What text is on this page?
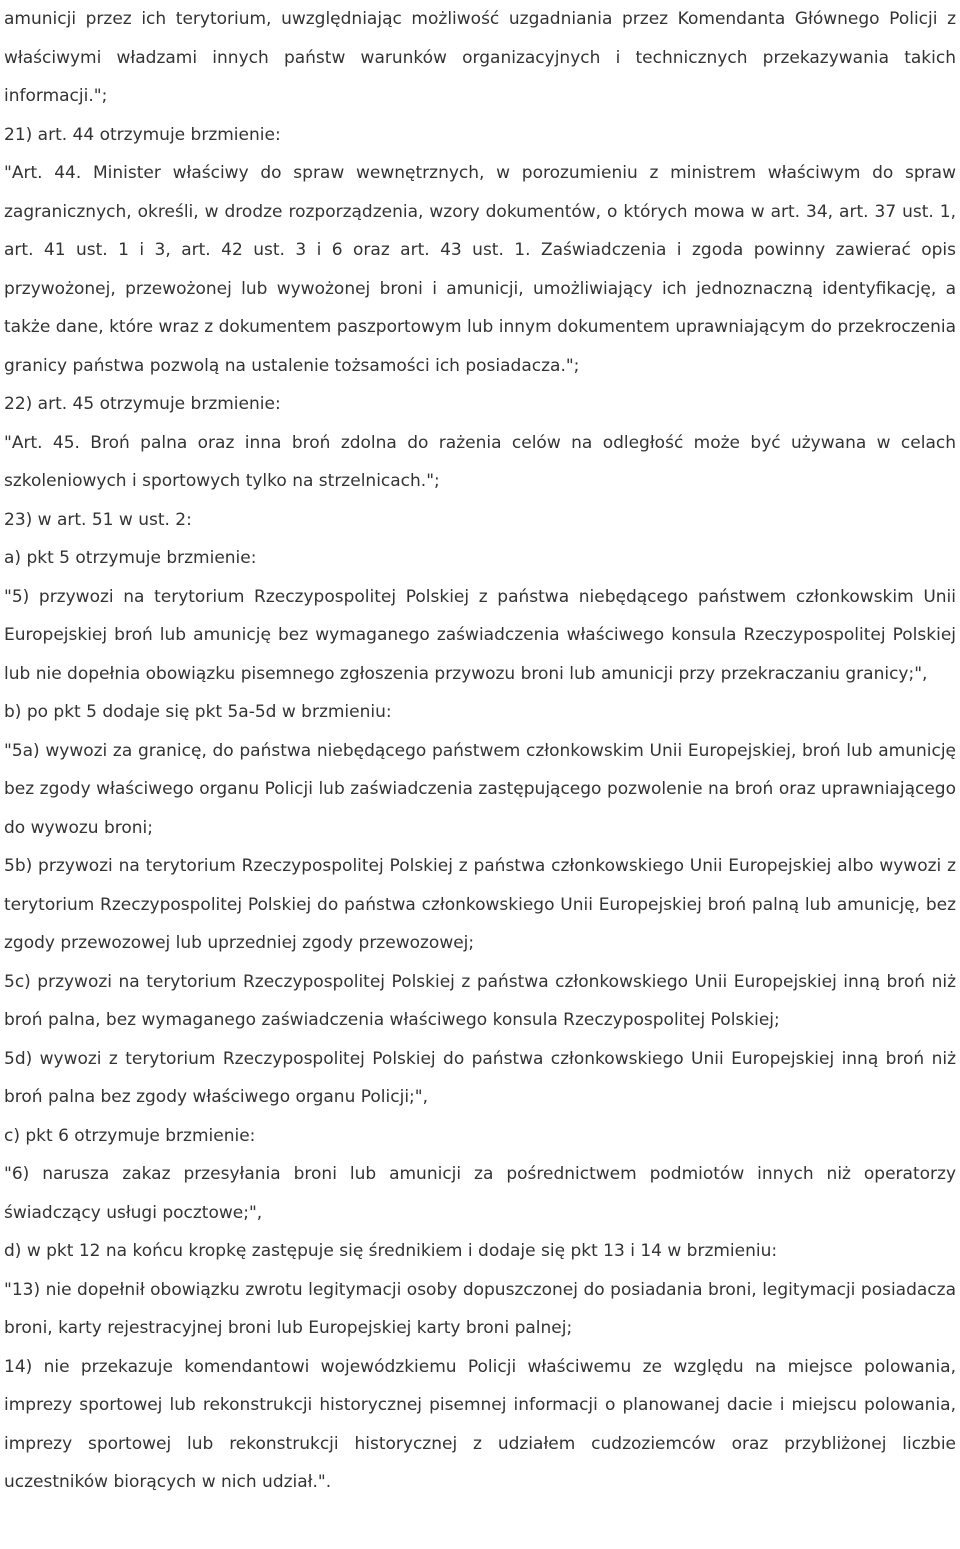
amunicji przez ich terytorium, uwzględniając możliwość uzgadniania przez Komendanta Głównego Policji z właściwymi władzami innych państw warunków organizacyjnych i technicznych przekazywania takich informacji.";

21) art. 44 otrzymuje brzmienie:

"Art. 44. Minister właściwy do spraw wewnętrznych, w porozumieniu z ministrem właściwym do spraw zagranicznych, określi, w drodze rozporządzenia, wzory dokumentów, o których mowa w art. 34, art. 37 ust. 1, art. 41 ust. 1 i 3, art. 42 ust. 3 i 6 oraz art. 43 ust. 1. Zaświadczenia i zgoda powinny zawierać opis przywożonej, przewożonej lub wywożonej broni i amunicji, umożliwiający ich jednoznaczną identyfikację, a także dane, które wraz z dokumentem paszportowym lub innym dokumentem uprawniającym do przekroczenia granicy państwa pozwolą na ustalenie tożsamości ich posiadacza.";

22) art. 45 otrzymuje brzmienie:

"Art. 45. Broń palna oraz inna broń zdolna do rażenia celów na odległość może być używana w celach szkoleniowych i sportowych tylko na strzelnicach.";

23) w art. 51 w ust. 2:

a) pkt 5 otrzymuje brzmienie:

"5) przywozi na terytorium Rzeczypospolitej Polskiej z państwa niebędącego państwem członkowskim Unii Europejskiej broń lub amunicję bez wymaganego zaświadczenia właściwego konsula Rzeczypospolitej Polskiej lub nie dopełnia obowiązku pisemnego zgłoszenia przywozu broni lub amunicji przy przekraczaniu granicy;",

b) po pkt 5 dodaje się pkt 5a-5d w brzmieniu:

"5a) wywozi za granicę, do państwa niebędącego państwem członkowskim Unii Europejskiej, broń lub amunicję bez zgody właściwego organu Policji lub zaświadczenia zastępującego pozwolenie na broń oraz uprawniającego do wywozu broni;

5b) przywozi na terytorium Rzeczypospolitej Polskiej z państwa członkowskiego Unii Europejskiej albo wywozi z terytorium Rzeczypospolitej Polskiej do państwa członkowskiego Unii Europejskiej broń palną lub amunicję, bez zgody przewozowej lub uprzedniej zgody przewozowej;

5c) przywozi na terytorium Rzeczypospolitej Polskiej z państwa członkowskiego Unii Europejskiej inną broń niż broń palna, bez wymaganego zaświadczenia właściwego konsula Rzeczypospolitej Polskiej;

5d) wywozi z terytorium Rzeczypospolitej Polskiej do państwa członkowskiego Unii Europejskiej inną broń niż broń palna bez zgody właściwego organu Policji;",

c) pkt 6 otrzymuje brzmienie:

"6) narusza zakaz przesyłania broni lub amunicji za pośrednictwem podmiotów innych niż operatorzy świadczący usługi pocztowe;",

d) w pkt 12 na końcu kropkę zastępuje się średnikiem i dodaje się pkt 13 i 14 w brzmieniu:

"13) nie dopełnił obowiązku zwrotu legitymacji osoby dopuszczonej do posiadania broni, legitymacji posiadacza broni, karty rejestracyjnej broni lub Europejskiej karty broni palnej;

14) nie przekazuje komendantowi wojewódzkiemu Policji właściwemu ze względu na miejsce polowania, imprezy sportowej lub rekonstrukcji historycznej pisemnej informacji o planowanej dacie i miejscu polowania, imprezy sportowej lub rekonstrukcji historycznej z udziałem cudzoziemców oraz przybliżonej liczbie uczestników biorących w nich udział.".
